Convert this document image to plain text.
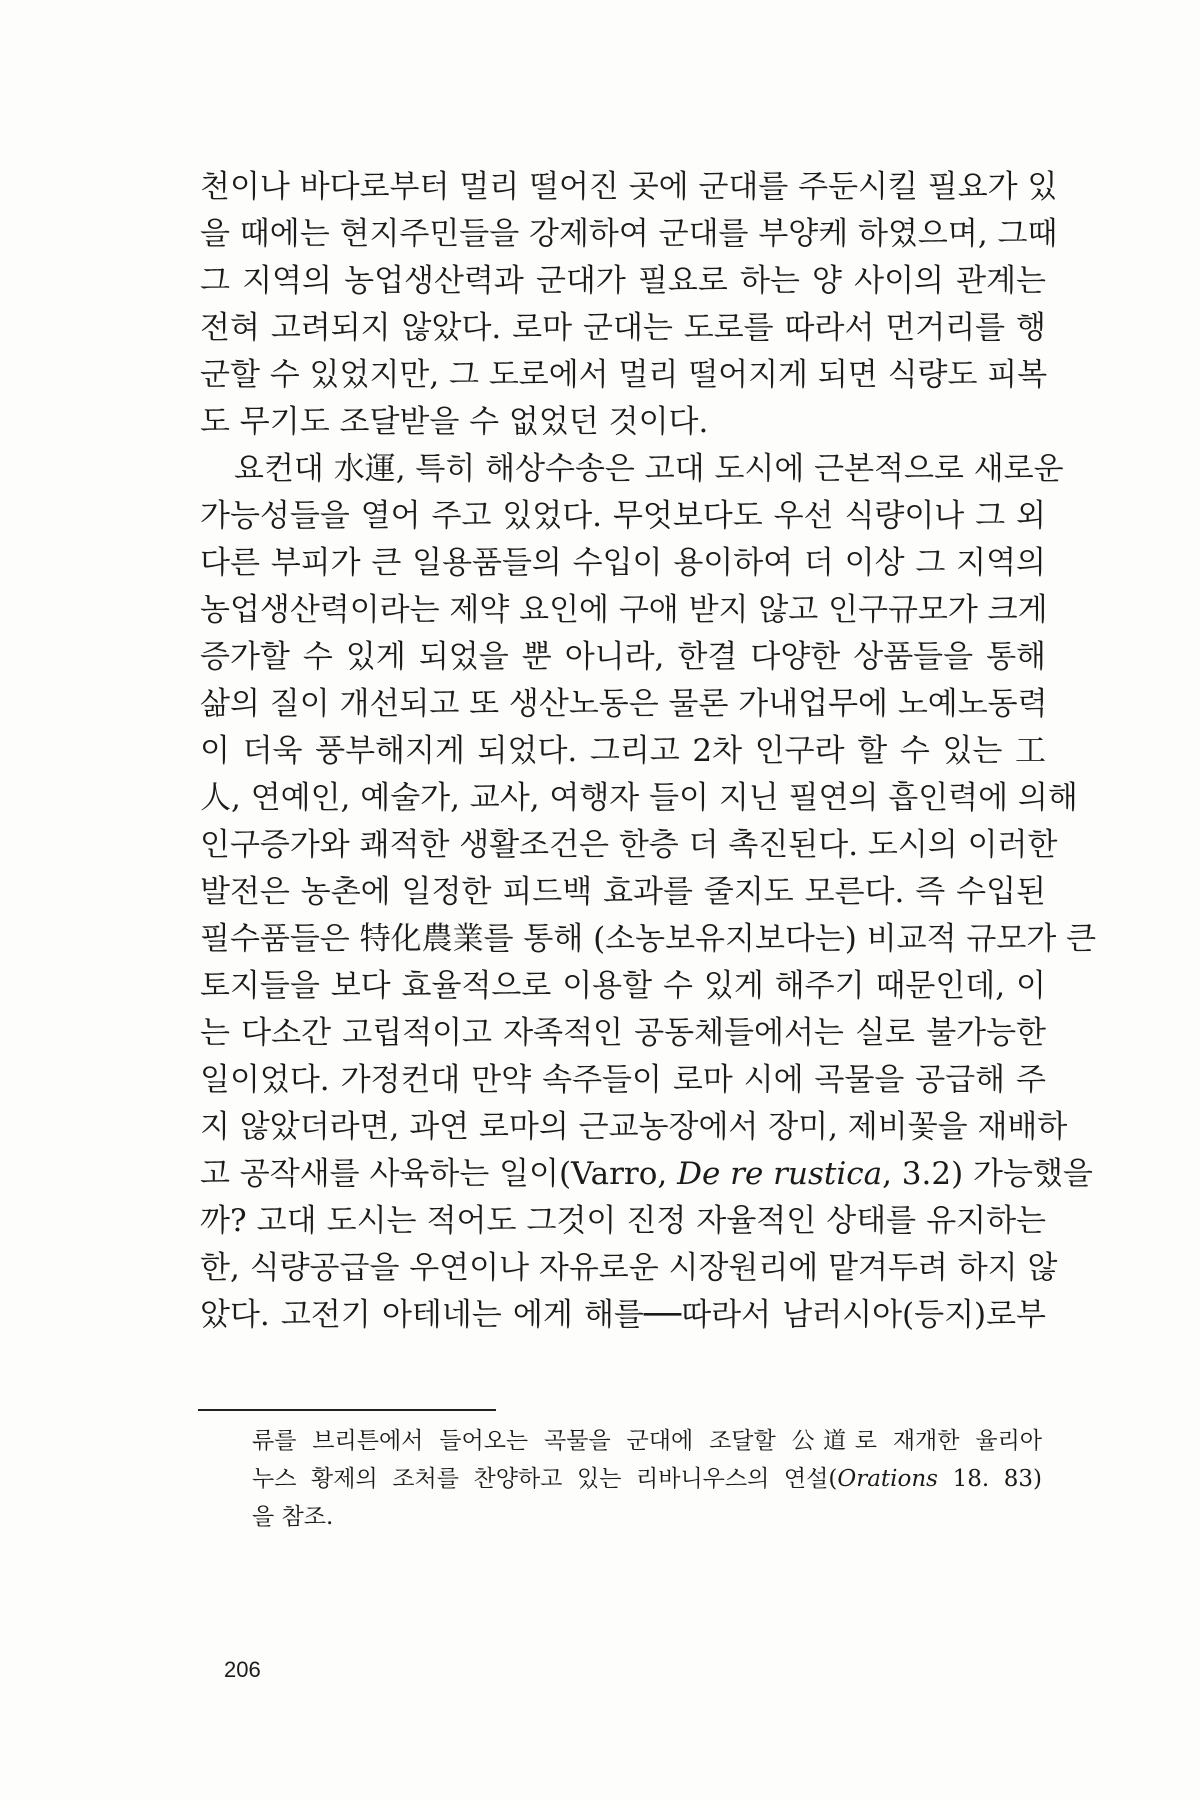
천이나 바다로부터 멀리 떨어진 곳에 군대를 주둔시킬 필요가 있
을 때에는 현지주민들을 강제하여 군대를 부양케 하였으며, 그때
그 지역의 농업생산력과 군대가 필요로 하는 양 사이의 관계는
전혀 고려되지 않았다. 로마 군대는 도로를 따라서 먼거리를 행
군할 수 있었지만, 그 도로에서 멀리 떨어지게 되면 식량도 피복
도 무기도 조달받을 수 없었던 것이다.
요컨대 水運, 특히 해상수송은 고대 도시에 근본적으로 새로운
가능성들을 열어 주고 있었다. 무엇보다도 우선 식량이나 그 외
다른 부피가 큰 일용품들의 수입이 용이하여 더 이상 그 지역의
농업생산력이라는 제약 요인에 구애 받지 않고 인구규모가 크게
증가할 수 있게 되었을 뿐 아니라, 한결 다양한 상품들을 통해
삶의 질이 개선되고 또 생산노동은 물론 가내업무에 노예노동력
이 더욱 풍부해지게 되었다. 그리고 2차 인구라 할 수 있는 工
人, 연예인, 예술가, 교사, 여행자 들이 지닌 필연의 흡인력에 의해
인구증가와 쾌적한 생활조건은 한층 더 촉진된다. 도시의 이러한
발전은 농촌에 일정한 피드백 효과를 줄지도 모른다. 즉 수입된
필수품들은 特化農業를 통해 (소농보유지보다는) 비교적 규모가 큰
토지들을 보다 효율적으로 이용할 수 있게 해주기 때문인데, 이
는 다소간 고립적이고 자족적인 공동체들에서는 실로 불가능한
일이었다. 가정컨대 만약 속주들이 로마 시에 곡물을 공급해 주
지 않았더라면, 과연 로마의 근교농장에서 장미, 제비꽃을 재배하
고 공작새를 사육하는 일이(Varro, De re rustica, 3.2) 가능했을
까? 고대 도시는 적어도 그것이 진정 자율적인 상태를 유지하는
한, 식량공급을 우연이나 자유로운 시장원리에 맡겨두려 하지 않
았다. 고전기 아테네는 에게 해를──따라서 남러시아(등지)로부
류를 브리튼에서 들어오는 곡물을 군대에 조달할 公道로 재개한 율리아
누스 황제의 조처를 찬양하고 있는 리바니우스의 연설(Orations 18. 83)
을 참조.
206
